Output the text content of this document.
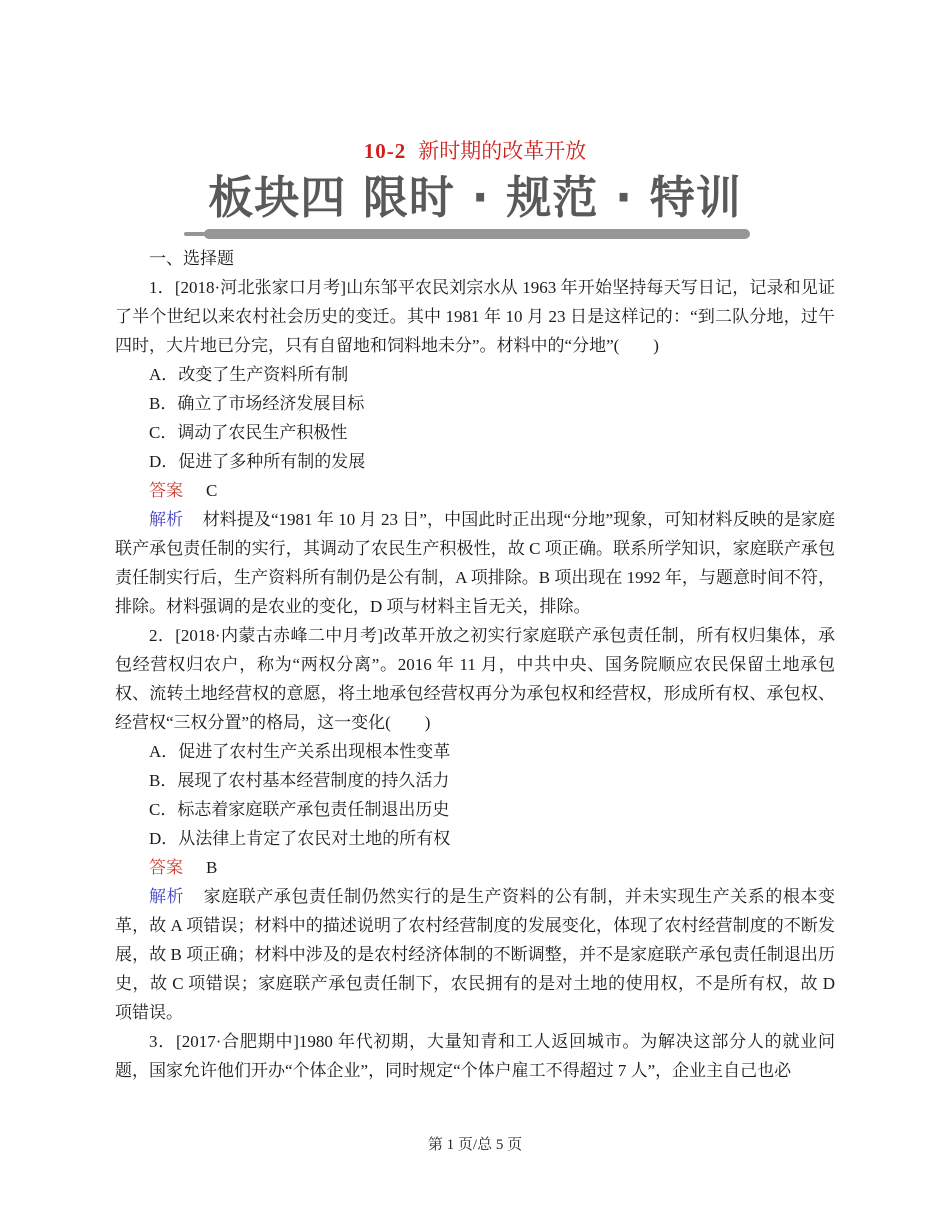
10-2 新时期的改革开放
板块四 限时 · 规范 · 特训

一、选择题

1．[2018·河北张家口月考]山东邹平农民刘宗水从 1963 年开始坚持每天写日记，记录和见证了半个世纪以来农村社会历史的变迁。其中 1981 年 10 月 23 日是这样记的：“到二队分地，过午四时，大片地已分完，只有自留地和饲料地未分”。材料中的“分地”(　　)

A．改变了生产资料所有制

B．确立了市场经济发展目标

C．调动了农民生产积极性

D．促进了多种所有制的发展

答案 C

解析 材料提及“1981 年 10 月 23 日”，中国此时正出现“分地”现象，可知材料反映的是家庭联产承包责任制的实行，其调动了农民生产积极性，故 C 项正确。联系所学知识，家庭联产承包责任制实行后，生产资料所有制仍是公有制，A 项排除。B 项出现在 1992 年，与题意时间不符，排除。材料强调的是农业的变化，D 项与材料主旨无关，排除。

2．[2018·内蒙古赤峰二中月考]改革开放之初实行家庭联产承包责任制，所有权归集体，承包经营权归农户，称为“两权分离”。2016 年 11 月，中共中央、国务院顺应农民保留土地承包权、流转土地经营权的意愿，将土地承包经营权再分为承包权和经营权，形成所有权、承包权、经营权“三权分置”的格局，这一变化(　　)

A．促进了农村生产关系出现根本性变革

B．展现了农村基本经营制度的持久活力

C．标志着家庭联产承包责任制退出历史

D．从法律上肯定了农民对土地的所有权

答案 B

解析 家庭联产承包责任制仍然实行的是生产资料的公有制，并未实现生产关系的根本变革，故 A 项错误；材料中的描述说明了农村经营制度的发展变化，体现了农村经营制度的不断发展，故 B 项正确；材料中涉及的是农村经济体制的不断调整，并不是家庭联产承包责任制退出历史，故 C 项错误；家庭联产承包责任制下，农民拥有的是对土地的使用权，不是所有权，故 D 项错误。

3．[2017·合肥期中]1980 年代初期，大量知青和工人返回城市。为解决这部分人的就业问题，国家允许他们开办“个体企业”，同时规定“个体户雇工不得超过 7 人”，企业主自己也必

第 1 页/总 5 页
